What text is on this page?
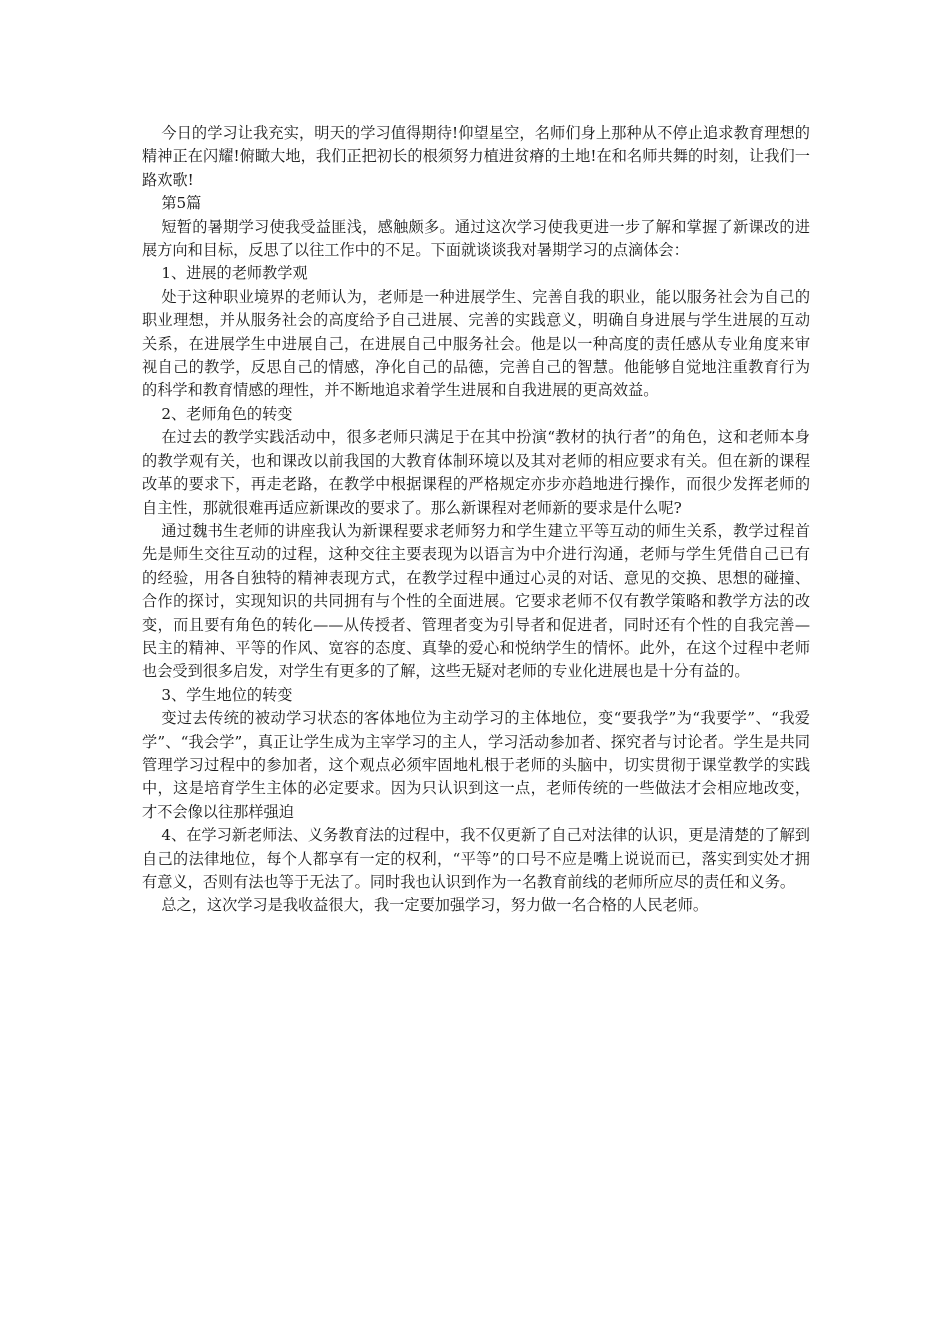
今日的学习让我充实，明天的学习值得期待!仰望星空，名师们身上那种从不停止追求教育理想的精神正在闪耀!俯瞰大地，我们正把初长的根须努力植进贫瘠的土地!在和名师共舞的时刻，让我们一路欢歌!

第5篇

短暂的暑期学习使我受益匪浅，感触颇多。通过这次学习使我更进一步了解和掌握了新课改的进展方向和目标，反思了以往工作中的不足。下面就谈谈我对暑期学习的点滴体会：

1、进展的老师教学观

处于这种职业境界的老师认为，老师是一种进展学生、完善自我的职业，能以服务社会为自己的职业理想，并从服务社会的高度给予自己进展、完善的实践意义，明确自身进展与学生进展的互动关系，在进展学生中进展自己，在进展自己中服务社会。他是以一种高度的责任感从专业角度来审视自己的教学，反思自己的情感，净化自己的品德，完善自己的智慧。他能够自觉地注重教育行为的科学和教育情感的理性，并不断地追求着学生进展和自我进展的更高效益。

2、老师角色的转变

在过去的教学实践活动中，很多老师只满足于在其中扮演“教材的执行者”的角色，这和老师本身的教学观有关，也和课改以前我国的大教育体制环境以及其对老师的相应要求有关。但在新的课程改革的要求下，再走老路，在教学中根据课程的严格规定亦步亦趋地进行操作，而很少发挥老师的自主性，那就很难再适应新课改的要求了。那么新课程对老师新的要求是什么呢?

通过魏书生老师的讲座我认为新课程要求老师努力和学生建立平等互动的师生关系，教学过程首先是师生交往互动的过程，这种交往主要表现为以语言为中介进行沟通，老师与学生凭借自己已有的经验，用各自独特的精神表现方式，在教学过程中通过心灵的对话、意见的交换、思想的碰撞、合作的探讨，实现知识的共同拥有与个性的全面进展。它要求老师不仅有教学策略和教学方法的改变，而且要有角色的转化——从传授者、管理者变为引导者和促进者，同时还有个性的自我完善—民主的精神、平等的作风、宽容的态度、真挚的爱心和悦纳学生的情怀。此外，在这个过程中老师也会受到很多启发，对学生有更多的了解，这些无疑对老师的专业化进展也是十分有益的。

3、学生地位的转变

变过去传统的被动学习状态的客体地位为主动学习的主体地位，变“要我学”为“我要学”、“我爱学”、“我会学”，真正让学生成为主宰学习的主人，学习活动参加者、探究者与讨论者。学生是共同管理学习过程中的参加者，这个观点必须牢固地札根于老师的头脑中，切实贯彻于课堂教学的实践中，这是培育学生主体的必定要求。因为只认识到这一点，老师传统的一些做法才会相应地改变，才不会像以往那样强迫

4、在学习新老师法、义务教育法的过程中，我不仅更新了自己对法律的认识，更是清楚的了解到自己的法律地位，每个人都享有一定的权利，“平等”的口号不应是嘴上说说而已，落实到实处才拥有意义，否则有法也等于无法了。同时我也认识到作为一名教育前线的老师所应尽的责任和义务。

总之，这次学习是我收益很大，我一定要加强学习，努力做一名合格的人民老师。
